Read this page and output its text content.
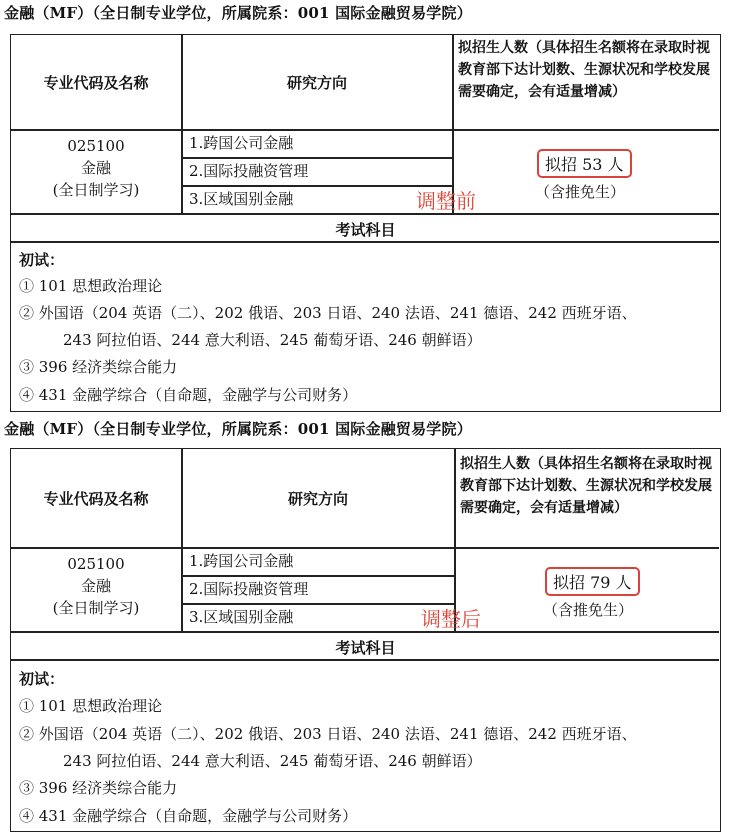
金融（MF）（全日制专业学位，所属院系：001 国际金融贸易学院）
专业代码及名称	研究方向
拟招生人数（具体招生名额将在录取时视教育部下达计划数、生源状况和学校发展需要确定，会有适量增减）
025100
金融
(全日制学习)
1.跨国公司金融
2.国际投融资管理
3.区域国别金融
拟招 53 人
（含推免生）
调整前
考试科目
初试：
① 101 思想政治理论
② 外国语（204 英语（二）、202 俄语、203 日语、240 法语、241 德语、242 西班牙语、
243 阿拉伯语、244 意大利语、245 葡萄牙语、246 朝鲜语）
③ 396 经济类综合能力
④ 431 金融学综合（自命题，金融学与公司财务）
金融（MF）（全日制专业学位，所属院系：001 国际金融贸易学院）
专业代码及名称	研究方向
拟招生人数（具体招生名额将在录取时视教育部下达计划数、生源状况和学校发展需要确定，会有适量增减）
025100
金融
(全日制学习)
1.跨国公司金融
2.国际投融资管理
3.区域国别金融
拟招 79 人
（含推免生）
调整后
考试科目
初试：
① 101 思想政治理论
② 外国语（204 英语（二）、202 俄语、203 日语、240 法语、241 德语、242 西班牙语、
243 阿拉伯语、244 意大利语、245 葡萄牙语、246 朝鲜语）
③ 396 经济类综合能力
④ 431 金融学综合（自命题，金融学与公司财务）
